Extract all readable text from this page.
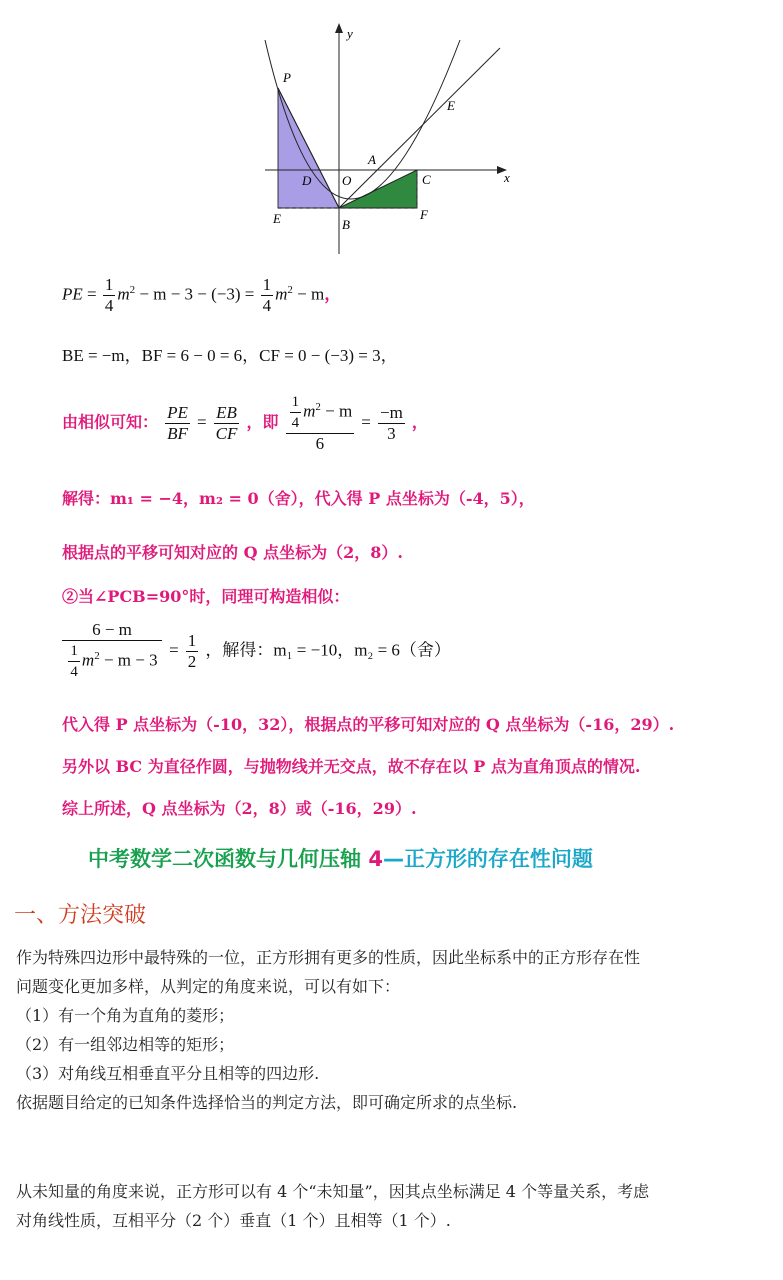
y
x
P
E
A
D O	C
E	B
F
PE = $\frac{1}{4} m^2 - m - 3 - (-3) = \frac{1}{4} m^2 - m$，
BE = −m，BF = 6 − 0 = 6，CF = 0 − (−3) = 3，
由相似可知： $\frac{PE}{BF} = \frac{EB}{CF}$ ，即 $\frac{\frac{1}{4} m^2 - m}{6} = \frac{-m}{3}$ ，
解得：m₁ = −4，m₂ = 0（舍），代入得 P 点坐标为（-4，5），
根据点的平移可知对应的 Q 点坐标为（2，8）.
②当∠PCB=90°时，同理可构造相似：
$\frac{6 - m}{\frac{1}{4} m^2 - m - 3} = \frac{1}{2}$ ，解得：m₁ = −10，m₂ = 6（舍）
代入得 P 点坐标为（-10，32），根据点的平移可知对应的 Q 点坐标为（-16，29）.
另外以 BC 为直径作圆，与抛物线并无交点，故不存在以 P 点为直角顶点的情况.
综上所述，Q 点坐标为（2，8）或（-16，29）.
中考数学二次函数与几何压轴 4—正方形的存在性问题
一、方法突破
作为特殊四边形中最特殊的一位，正方形拥有更多的性质，因此坐标系中的正方形存在性
问题变化更加多样，从判定的角度来说，可以有如下：
（1）有一个角为直角的菱形；
（2）有一组邻边相等的矩形；
（3）对角线互相垂直平分且相等的四边形.
依据题目给定的已知条件选择恰当的判定方法，即可确定所求的点坐标.
从未知量的角度来说，正方形可以有 4 个“未知量”，因其点坐标满足 4 个等量关系，考虑
对角线性质，互相平分（2 个）垂直（1 个）且相等（1 个）.
